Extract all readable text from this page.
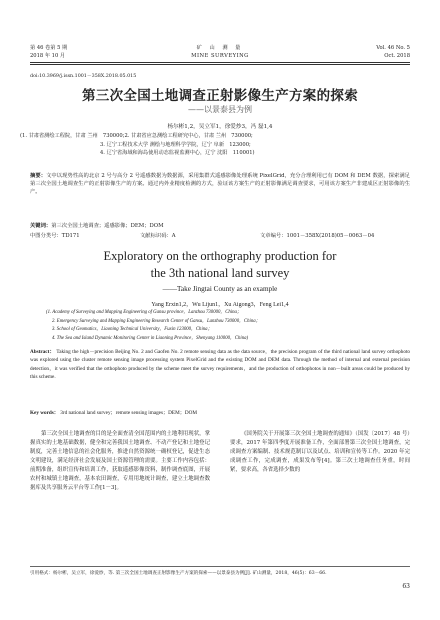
第 46 卷第 5 期
2018 年 10 月
矿 山 测 量
MINE SURVEYING
Vol. 46 No. 5
Oct. 2018
doi:10.3969/j.issn.1001－358X.2018.05.015
第三次全国土地调查正射影像生产方案的探索
——以景泰县为例
杨尔彬1,2，吴立军1，徐爱炒3，冯 磊1,4
(1. 甘肃省测绘工程院，甘肃 兰州　730000;2. 甘肃省应急测绘工程研究中心，甘肃 兰州　730000;
3. 辽宁工程技术大学 测绘与地理科学学院，辽宁 阜新　123000;
4. 辽宁省海域和海岛使用动态监视监测中心，辽宁 沈阳　110001)
摘要：文中以现势性高的北京 2 号与高分 2 号遥感数据为数据源，采用集群式遥感影像处理系统 PixelGrid，充分合理利用已有 DOM 和 DEM 数据，探索满足第三次全国土地调查生产的正射影像生产的方案。通过内外业精度检测的方式，验证该方案生产的正射影像满足调查要求，可用该方案生产非建成区正射影像的生产。
关键词：第三次全国土地调查；遥感影像；DEM；DOM
中图分类号：TD171	文献标识码：A	文章编号：1001－358X(2018)05－0063－04
Exploratory on the orthography production for
the 3th national land survey
——Take Jingtai County as an example
Yang Erxin1,2，Wu Lijun1，Xu Aigong3，Feng Lei1,4
(1. Academy of Surveying and Mapping Engineering of Gansu province，Lanzhou 730000，China；
2. Emergency Surveying and Mapping Engineering Research Center of Gansu，Lanzhou 730000，China；
3. School of Geomatics，Liaoning Technical University，Fuxin 123000，China；
4. The Sea and Island Dynamic Monitoring Center in Liaoning Province，Shenyang 110000，China)
Abstract： Taking the high－precision Beijing No. 2 and Gaofen No. 2 remote sensing data as the data source，the precision program of the third national land survey orthophoto was explored using the cluster remote sensing image processing system PixelGrid and the existing DOM and DEM data. Through the method of internal and external precision detection，it was verified that the orthophoto produced by the scheme meet the survey requirements，and the production of orthophotos in non－built areas could be produced by this scheme.
Key words： 3rd national land survey；remote sensing images；DEM；DOM
第三次全国土地调查的目的是全面查清全国范围内的土地利用现状，掌握真实的土地基础数据，健全和完善我国土地调查、不动产登记和土地登记制度，完善土地信息的社会化服务，推进自然资源统一确权登记，促进生态文明建设，满足经济社会发展及国土资源管理的需要。主要工作内容包括：前期准备，组织宣传和培训工作，获取遥感影像资料，制作调查底图，开展农村和城镇土地调查，基本农田调查，专用用地统计调查，建立土地调查数据库及共享服务云平台等工作[1－3]。
《国务院关于开展第三次全国土地调查的通知》（国发〔2017〕48 号）要求，2017 年第四季度开展准备工作，全面部署第三次全国土地调查，完成调查方案编制、技术规范制订以及试点、培训和宣传等工作。2020 年完成调查工作，完成调查，成果发布等[4]。第三次土地调查任务重，时间紧，要求高，各省选择少数的
引用格式：杨尔彬，吴立军，徐爱炒，等. 第三次全国土地调查正射影像生产方案的探索——以景泰县为例[J]. 矿山测量，2018，46(5)：63－66.
63
